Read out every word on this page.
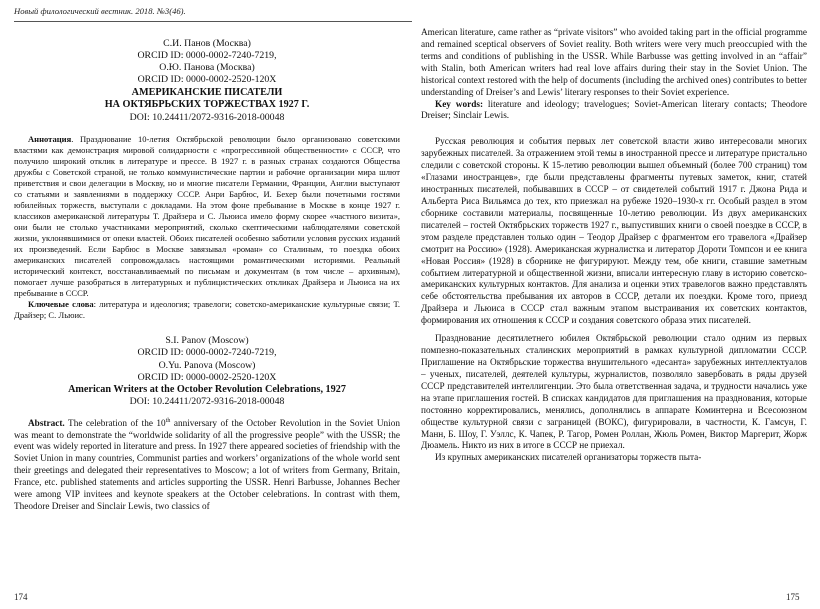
Новый филологический вестник. 2018. №3(46).
С.И. Панов (Москва)
ORCID ID: 0000-0002-7240-7219,
О.Ю. Панова (Москва)
ORCID ID: 0000-0002-2520-120X
АМЕРИКАНСКИЕ ПИСАТЕЛИ
НА ОКТЯБРЬСКИХ ТОРЖЕСТВАХ 1927 Г.
DOI: 10.24411/2072-9316-2018-00048

Аннотация. Празднование 10-летия Октябрьской революции было организовано советскими властями как демонстрация мировой солидарности с «прогрессивной общественности» с СССР, что получило широкий отклик в литературе и прессе. В 1927 г. в разных странах создаются Общества дружбы с Советской страной, не только коммунистические партии и рабочие организации мира шлют приветствия и свои делегации в Москву, но и многие писатели Германии, Франции, Англии выступают со статьями и заявлениями в поддержку СССР. Анри Барбюс, И. Бехер были почетными гостями юбилейных торжеств, выступали с докладами. На этом фоне пребывание в Москве в конце 1927 г. классиков американской литературы Т. Драйзера и С. Льюиса имело форму скорее «частного визита», они были не столько участниками мероприятий, сколько скептическими наблюдателями советской жизни, уклонявшимися от опеки властей. Обоих писателей особенно заботили условия русских изданий их произведений. Если Барбюс в Москве завязывал «роман» со Сталиным, то поездка обоих американских писателей сопровождалась настоящими романтическими историями. Реальный исторический контекст, восстанавливаемый по письмам и документам (в том числе – архивным), помогает лучше разобраться в литературных и публицистических откликах Драйзера и Льюиса на их пребывание в СССР.

Ключевые слова: литература и идеология; травелоги; советско-американские культурные связи; Т. Драйзер; С. Льюис.

S.I. Panov (Moscow)
ORCID ID: 0000-0002-7240-7219,
O.Yu. Panova (Moscow)
ORCID ID: 0000-0002-2520-120X
American Writers at the October Revolution Celebrations, 1927
DOI: 10.24411/2072-9316-2018-00048

Abstract. The celebration of the 10th anniversary of the October Revolution in the Soviet Union was meant to demonstrate the “worldwide solidarity of all the progressive people” with the USSR; the event was widely reported in literature and press. In 1927 there appeared societies of friendship with the Soviet Union in many countries, Communist parties and workers’ organizations of the whole world sent their greetings and delegated their representatives to Moscow; a lot of writers from Germany, Britain, France, etc. published statements and articles supporting the USSR. Henri Barbusse, Johannes Becher were among VIP invitees and keynote speakers at the October celebrations. In contrast with them, Theodore Dreiser and Sinclair Lewis, two classics of

American literature, came rather as “private visitors” who avoided taking part in the official programme and remained sceptical observers of Soviet reality. Both writers were very much preoccupied with the terms and conditions of publishing in the USSR. While Barbusse was getting involved in an “affair” with Stalin, both American writers had real love affairs during their stay in the Soviet Union. The historical context restored with the help of documents (including the archived ones) contributes to better understanding of Dreiser’s and Lewis’ literary responses to their Soviet experience.

Key words: literature and ideology; travelogues; Soviet-American literary contacts; Theodore Dreiser; Sinclair Lewis.

Русская революция и события первых лет советской власти живо интересовали многих зарубежных писателей. За отражением этой темы в иностранной прессе и литературе пристально следили с советской стороны. К 15-летию революции вышел объемный (более 700 страниц) том «Глазами иностранцев», где были представлены фрагменты путевых заметок, книг, статей иностранных писателей, побывавших в СССР – от свидетелей событий 1917 г. Джона Рида и Альберта Риса Вильямса до тех, кто приезжал на рубеже 1920–1930-х гг. Особый раздел в этом сборнике составили материалы, посвященные 10-летию революции. Из двух американских писателей – гостей Октябрьских торжеств 1927 г., выпустивших книги о своей поездке в СССР, в этом разделе представлен только один – Теодор Драйзер с фрагментом его травелога «Драйзер смотрит на Россию» (1928). Американская журналистка и литератор Дороти Томпсон и ее книга «Новая Россия» (1928) в сборнике не фигурируют. Между тем, обе книги, ставшие заметным событием литературной и общественной жизни, вписали интересную главу в историю советско-американских культурных контактов. Для анализа и оценки этих травелогов важно представлять себе обстоятельства пребывания их авторов в СССР, детали их поездки. Кроме того, приезд Драйзера и Льюиса в СССР стал важным этапом выстраивания их советских контактов, формирования их отношения к СССР и создания советского образа этих писателей.

Празднование десятилетнего юбилея Октябрьской революции стало одним из первых помпезно-показательных сталинских мероприятий в рамках культурной дипломатии СССР. Приглашение на Октябрьские торжества внушительного «десанта» зарубежных интеллектуалов – ученых, писателей, деятелей культуры, журналистов, позволяло завербовать в ряды друзей СССР представителей интеллигенции. Это была ответственная задача, и трудности начались уже на этапе приглашения гостей. В списках кандидатов для приглашения на празднования, которые постоянно корректировались, менялись, дополнялись в аппарате Коминтерна и Всесоюзном обществе культурной связи с заграницей (ВОКС), фигурировали, в частности, К. Гамсун, Г. Манн, Б. Шоу, Г. Уэллс, К. Чапек, Р. Тагор, Ромен Роллан, Жюль Ромен, Виктор Маргерит, Жорж Дюамель. Никто из них в итоге в СССР не приехал.

Из крупных американских писателей организаторы торжеств пыта-

174	175
